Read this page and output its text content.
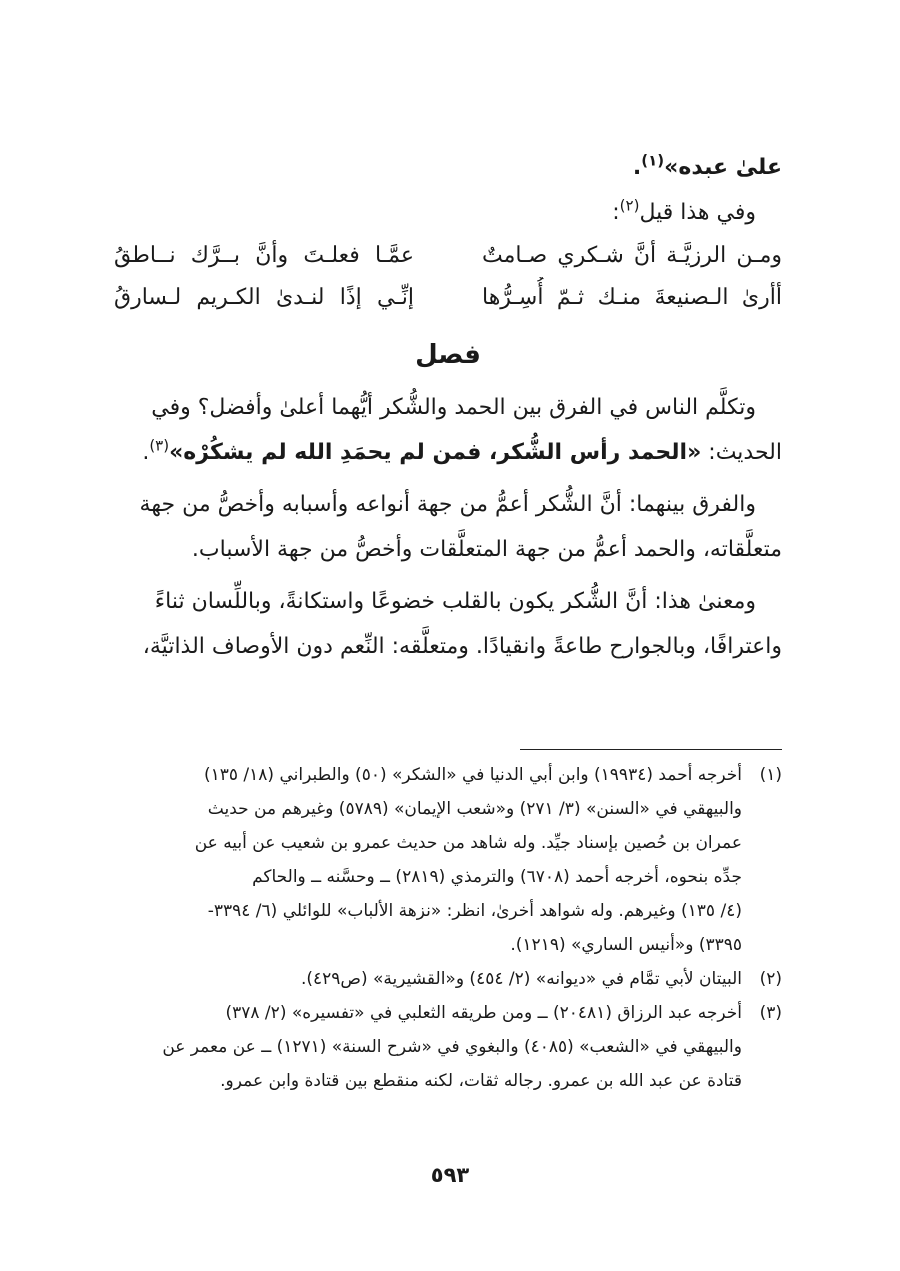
علىٰ عبده»$^{(١)}$.
وفي هذا قيل$^{(٢)}$:
ومـن الرزيَّـة أنَّ شـكري صـامتٌ
عمَّـا فعلـتَ وأنَّ بــرَّك نــاطقُ
أأرىٰ الـصنيعةَ منـك ثـمّ أُسِـرُّها
إنِّـي إذًا لنـدىٰ الكـريم لـسارقُ
فصل
وتكلَّم الناس في الفرق بين الحمد والشُّكر أيُّهما أعلىٰ وأفضل؟ وفي
الحديث: «الحمد رأس الشُّكر، فمن لم يحمَدِ الله لم يشكُرْه»$^{(٣)}$.
والفرق بينهما: أنَّ الشُّكر أعمُّ من جهة أنواعه وأسبابه وأخصُّ من جهة
متعلَّقاته، والحمد أعمُّ من جهة المتعلَّقات وأخصُّ من جهة الأسباب.
ومعنىٰ هذا: أنَّ الشُّكر يكون بالقلب خضوعًا واستكانةً، وباللِّسان ثناءً
واعترافًا، وبالجوارح طاعةً وانقيادًا. ومتعلَّقه: النِّعم دون الأوصاف الذاتيَّة،
(١)
أخرجه أحمد (١٩٩٣٤) وابن أبي الدنيا في «الشكر» (٥٠) والطبراني (١٨/ ١٣٥)
والبيهقي في «السنن» (٣/ ٢٧١) و«شعب الإيمان» (٥٧٨٩) وغيرهم من حديث
عمران بن حُصين بإسناد جيِّد. وله شاهد من حديث عمرو بن شعيب عن أبيه عن
جدِّه بنحوه، أخرجه أحمد (٦٧٠٨) والترمذي (٢٨١٩) ــ وحسَّنه ــ والحاكم
(٤/ ١٣٥) وغيرهم. وله شواهد أخرىٰ، انظر: «نزهة الألباب» للوائلي (٦/ ٣٣٩٤-
٣٣٩٥) و«أنيس الساري» (١٢١٩).
(٢)
البيتان لأبي تمَّام في «ديوانه» (٢/ ٤٥٤) و«القشيرية» (ص٤٢٩).
(٣)
أخرجه عبد الرزاق (٢٠٤٨١) ــ ومن طريقه الثعلبي في «تفسيره» (٢/ ٣٧٨)
والبيهقي في «الشعب» (٤٠٨٥) والبغوي في «شرح السنة» (١٢٧١) ــ عن معمر عن
قتادة عن عبد الله بن عمرو. رجاله ثقات، لكنه منقطع بين قتادة وابن عمرو.
٥٩٣
